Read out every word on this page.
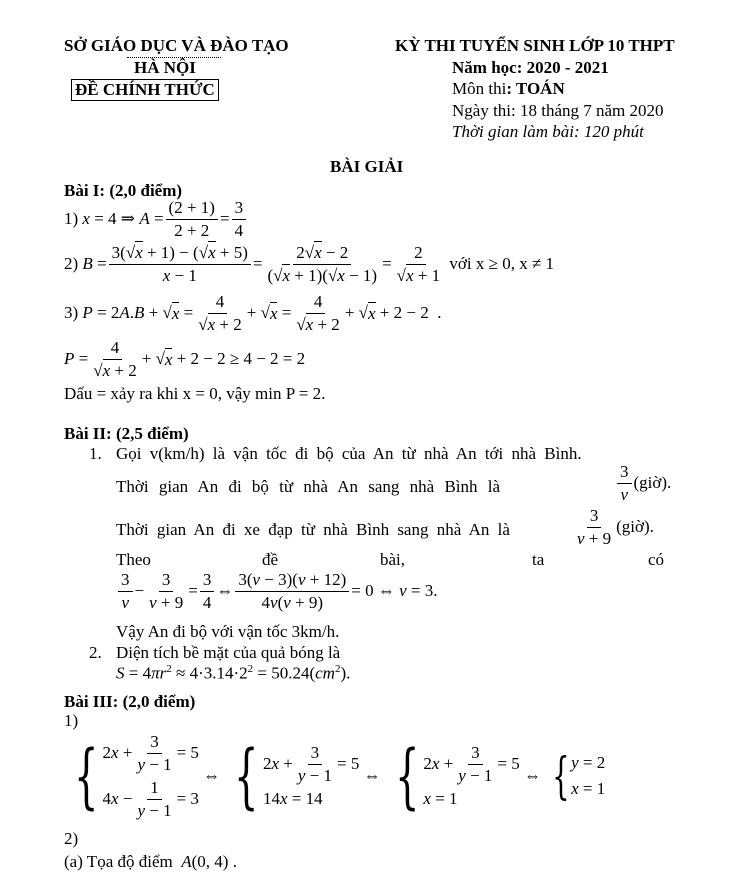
SỞ GIÁO DỤC VÀ ĐÀO TẠO
HÀ NỘI
ĐỀ CHÍNH THỨC
KỲ THI TUYỂN SINH LỚP 10 THPT
Năm học: 2020 - 2021
Môn thi: TOÁN
Ngày thi: 18 tháng 7 năm 2020
Thời gian làm bài: 120 phút
BÀI GIẢI
Bài I: (2,0 điểm)
1)
x = 4 ⇒ $A = \frac{(2 + 1)}{2 + 2} = \frac{3}{4}$
2)
$B = \frac{3( √ x + 1) - ( √ x + 5)}{x - 1} = \frac{2 √ x - 2}{( √ x + 1)( √ x - 1)} = 2$
√ x + 1
với x ≥ 0, x ≠ 1
3)
P = 2 A . B + √ x = 4
√ x + 2 + √ x = 4
√ x + 2 + √ x + 2 − 2  .
P = 4
√ x + 2 + √ x + 2 − 2 ≥ 4 − 2 = 2
Dấu = xảy ra khi x = 0, vậy min P = 2.
Bài II: (2,5 điểm)
1. Gọi v(km/h) là vận tốc đi bộ của An từ nhà An tới nhà Bình.
Thời gian An đi bộ từ nhà An sang nhà Bình là	$\frac{3}{v}$ (giờ).
Thời gian An đi xe đạp từ nhà Bình sang nhà An là	$\frac{3}{v + 9}$ (giờ).
Theo	đề	bài,	ta	có
$\frac{3}{v} - \frac{3}{v + 9} = \frac{3}{4}$ ⇔ $\frac{3(v - 3)(v + 12)}{4v(v + 9)} = 0$ ⇔ v = 3.
Vậy An đi bộ với vận tốc 3km/h.
2. Diện tích bề mặt của quả bóng là
$S = 4\pi r^2 \approx 4\cdot 3.14\cdot 2^2 = 50.24(cm^2)$.
Bài III: (2,0 điểm)
1)
{ 2 $x + \frac{3}{y - 1} = 5$
4 $x - \frac{1}{y - 1} = 3$
⇔ { 2 $x + \frac{3}{y - 1} = 5$
14x = 14
⇔ { 2 $x + \frac{3}{y - 1} = 5$
x = 1
⇔ { y = 2
x = 1
2)
(a) Tọa độ điểm A(0, 4) .
